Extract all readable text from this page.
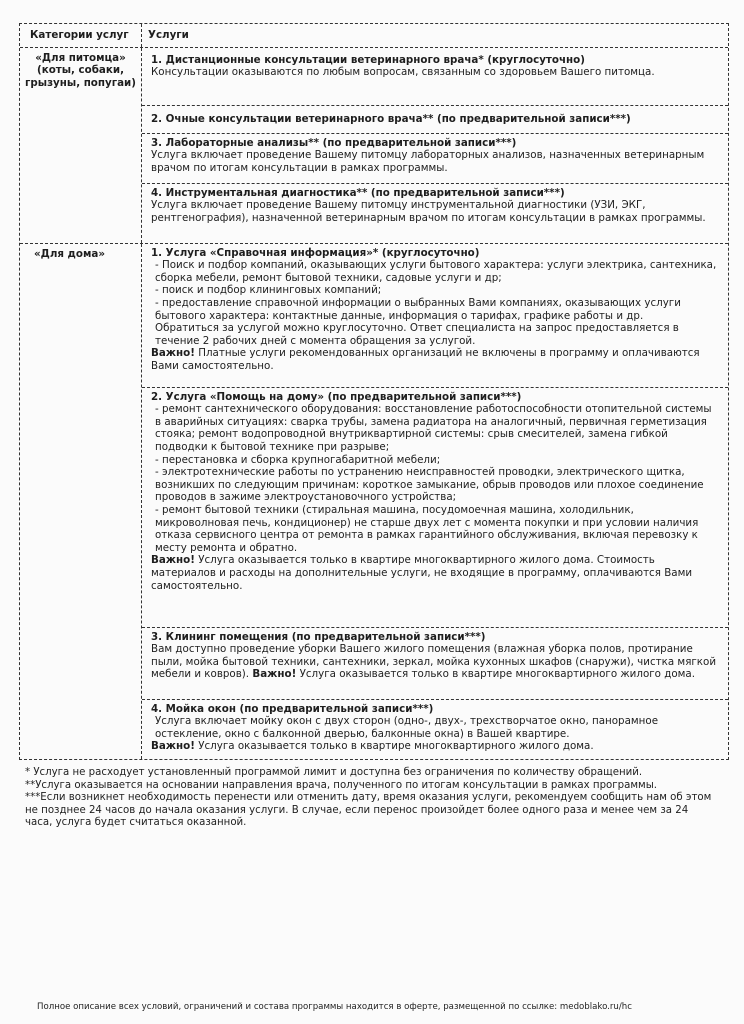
Категории услуг	Услуги
«Для питомца» (коты, собаки, грызуны, попугаи)
1. Дистанционные консультации ветеринарного врача* (круглосуточно)
Консультации оказываются по любым вопросам, связанным со здоровьем Вашего питомца.
2. Очные консультации ветеринарного врача** (по предварительной записи***)
3. Лабораторные анализы** (по предварительной записи***)
Услуга включает проведение Вашему питомцу лабораторных анализов, назначенных ветеринарным врачом по итогам консультации в рамках программы.
4. Инструментальная диагностика** (по предварительной записи***)
Услуга включает проведение Вашему питомцу инструментальной диагностики (УЗИ, ЭКГ, рентгенография), назначенной ветеринарным врачом по итогам консультации в рамках программы.
«Для дома»	1. Услуга «Справочная информация»* (круглосуточно)
- Поиск и подбор компаний, оказывающих услуги бытового характера: услуги электрика, сантехника, сборка мебели, ремонт бытовой техники, садовые услуги и др;
- поиск и подбор клининговых компаний;
- предоставление справочной информации о выбранных Вами компаниях, оказывающих услуги бытового характера: контактные данные, информация о тарифах, графике работы и др.
Обратиться за услугой можно круглосуточно. Ответ специалиста на запрос предоставляется в течение 2 рабочих дней с момента обращения за услугой.
Важно! Платные услуги рекомендованных организаций не включены в программу и оплачиваются Вами самостоятельно.
2. Услуга «Помощь на дому» (по предварительной записи***)
- ремонт сантехнического оборудования: восстановление работоспособности отопительной системы в аварийных ситуациях: сварка трубы, замена радиатора на аналогичный, первичная герметизация стояка; ремонт водопроводной внутриквартирной системы: срыв смесителей, замена гибкой подводки к бытовой технике при разрыве;
- перестановка и сборка крупногабаритной мебели;
- электротехнические работы по устранению неисправностей проводки, электрического щитка, возникших по следующим причинам: короткое замыкание, обрыв проводов или плохое соединение проводов в зажиме электроустановочного устройства;
- ремонт бытовой техники (стиральная машина, посудомоечная машина, холодильник, микроволновая печь, кондиционер) не старше двух лет с момента покупки и при условии наличия отказа сервисного центра от ремонта в рамках гарантийного обслуживания, включая перевозку к месту ремонта и обратно.
Важно! Услуга оказывается только в квартире многоквартирного жилого дома. Стоимость материалов и расходы на дополнительные услуги, не входящие в программу, оплачиваются Вами самостоятельно.
3. Клининг помещения (по предварительной записи***)
Вам доступно проведение уборки Вашего жилого помещения (влажная уборка полов, протирание пыли, мойка бытовой техники, сантехники, зеркал, мойка кухонных шкафов (снаружи), чистка мягкой мебели и ковров). Важно! Услуга оказывается только в квартире многоквартирного жилого дома.
4. Мойка окон (по предварительной записи***)
Услуга включает мойку окон с двух сторон (одно-, двух-, трехстворчатое окно, панорамное остекление, окно с балконной дверью, балконные окна) в Вашей квартире.
Важно! Услуга оказывается только в квартире многоквартирного жилого дома.

* Услуга не расходует установленный программой лимит и доступна без ограничения по количеству обращений.

**Услуга оказывается на основании направления врача, полученного по итогам консультации в рамках программы.

***Если возникнет необходимость перенести или отменить дату, время оказания услуги, рекомендуем сообщить нам об этом не позднее 24 часов до начала оказания услуги. В случае, если перенос произойдет более одного раза и менее чем за 24 часа, услуга будет считаться оказанной.

Полное описание всех условий, ограничений и состава программы находится в оферте, размещенной по ссылке: medoblako.ru/hc
